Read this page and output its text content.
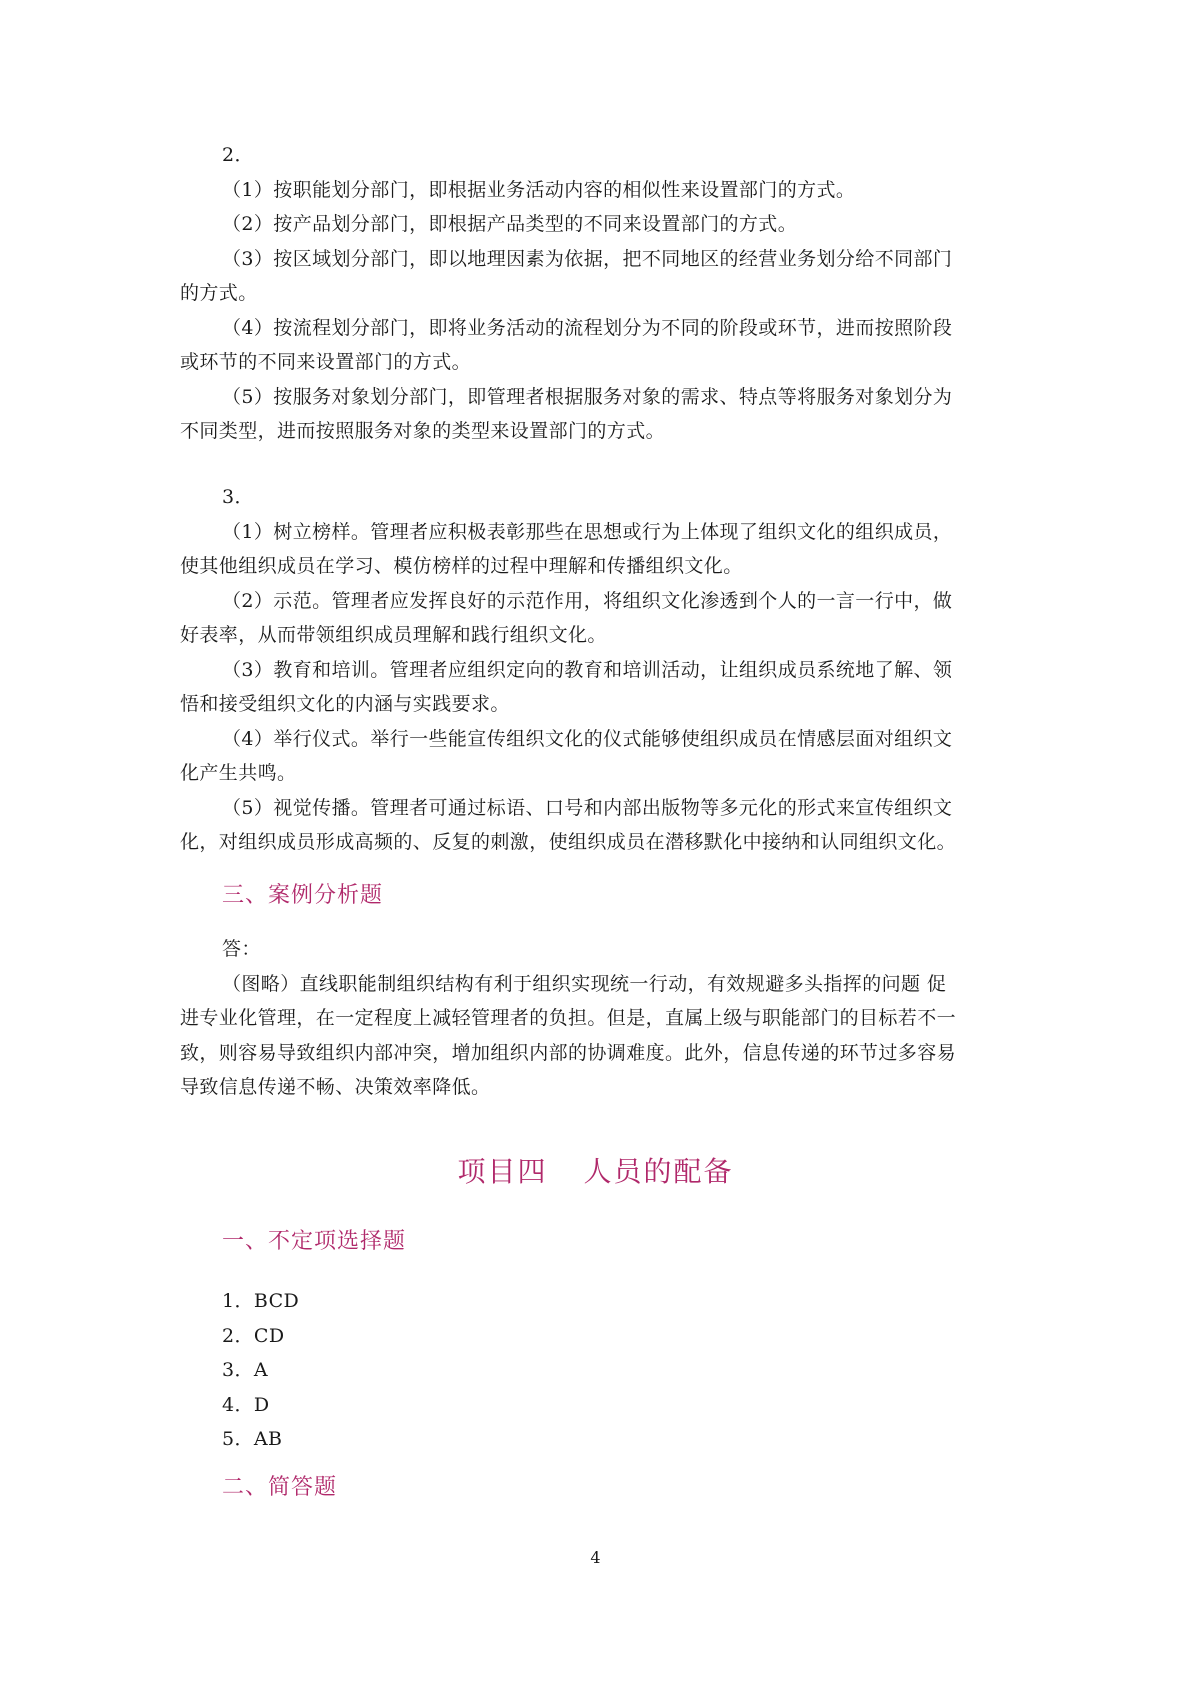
2．

（1）按职能划分部门，即根据业务活动内容的相似性来设置部门的方式。

（2）按产品划分部门，即根据产品类型的不同来设置部门的方式。

（3）按区域划分部门，即以地理因素为依据，把不同地区的经营业务划分给不同部门

的方式。

（4）按流程划分部门，即将业务活动的流程划分为不同的阶段或环节，进而按照阶段

或环节的不同来设置部门的方式。

（5）按服务对象划分部门，即管理者根据服务对象的需求、特点等将服务对象划分为

不同类型，进而按照服务对象的类型来设置部门的方式。

3．

（1）树立榜样。管理者应积极表彰那些在思想或行为上体现了组织文化的组织成员，

使其他组织成员在学习、模仿榜样的过程中理解和传播组织文化。

（2）示范。管理者应发挥良好的示范作用，将组织文化渗透到个人的一言一行中，做

好表率，从而带领组织成员理解和践行组织文化。

（3）教育和培训。管理者应组织定向的教育和培训活动，让组织成员系统地了解、领

悟和接受组织文化的内涵与实践要求。

（4）举行仪式。举行一些能宣传组织文化的仪式能够使组织成员在情感层面对组织文

化产生共鸣。

（5）视觉传播。管理者可通过标语、口号和内部出版物等多元化的形式来宣传组织文

化，对组织成员形成高频的、反复的刺激，使组织成员在潜移默化中接纳和认同组织文化。

三、案例分析题

答：

（图略）直线职能制组织结构有利于组织实现统一行动，有效规避多头指挥的问题 促

进专业化管理，在一定程度上减轻管理者的负担。但是，直属上级与职能部门的目标若不一

致，则容易导致组织内部冲突，增加组织内部的协调难度。此外，信息传递的环节过多容易

导致信息传递不畅、决策效率降低。

项目四 人员的配备

一、不定项选择题

1．BCD

2．CD

3．A

4．D

5．AB

二、简答题

4
